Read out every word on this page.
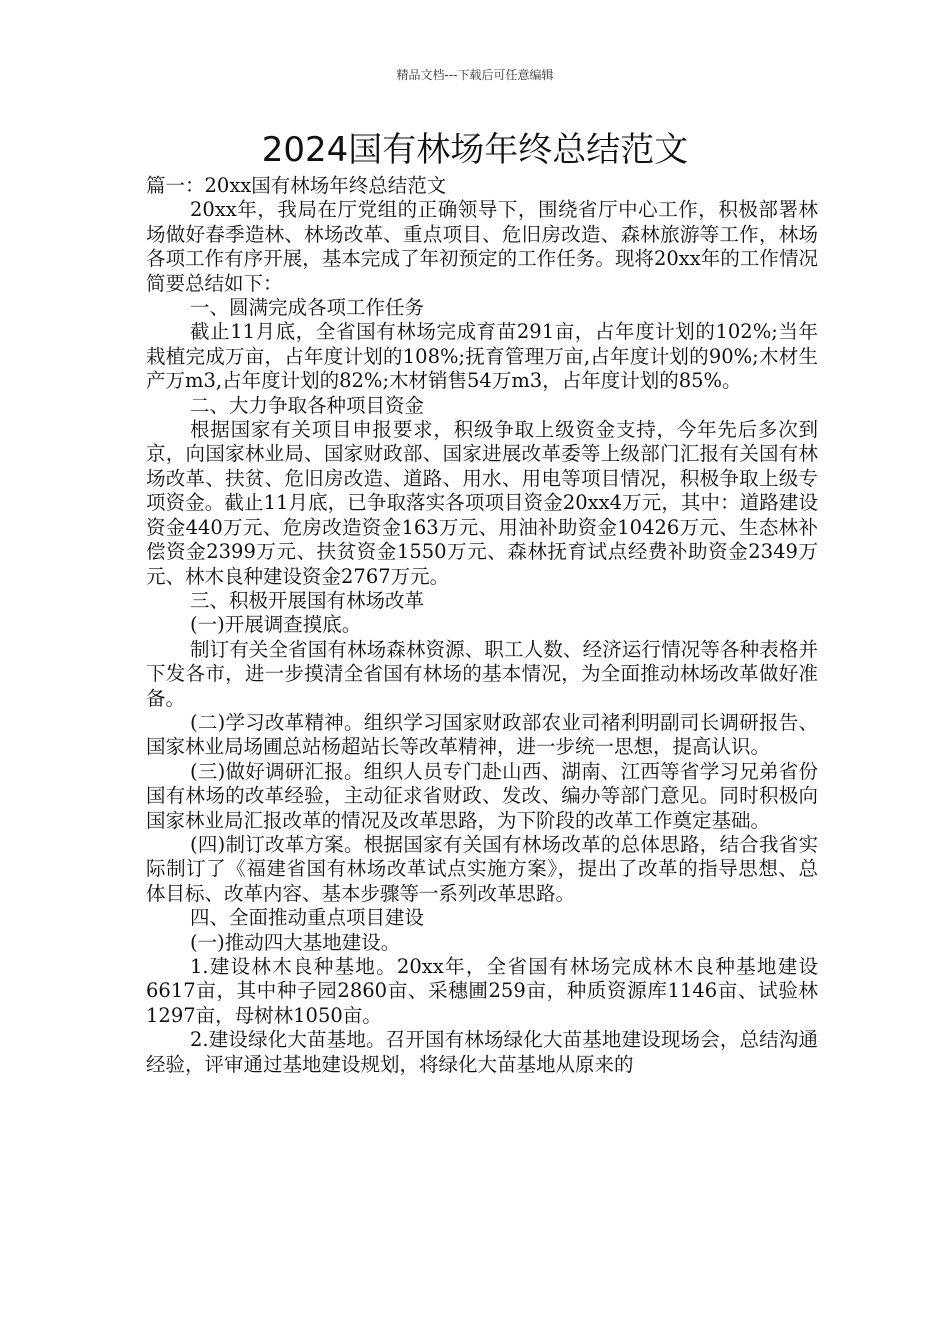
精品文档---下载后可任意编辑
2024国有林场年终总结范文

篇一：20xx国有林场年终总结范文

20xx年，我局在厅党组的正确领导下，围绕省厅中心工作，积极部署林场做好春季造林、林场改革、重点项目、危旧房改造、森林旅游等工作，林场各项工作有序开展，基本完成了年初预定的工作任务。现将20xx年的工作情况简要总结如下：

一、圆满完成各项工作任务

截止11月底，全省国有林场完成育苗291亩，占年度计划的102%;当年栽植完成万亩，占年度计划的108%;抚育管理万亩,占年度计划的90%;木材生产万m3,占年度计划的82%;木材销售54万m3，占年度计划的85%。

二、大力争取各种项目资金

根据国家有关项目申报要求，积级争取上级资金支持，今年先后多次到京，向国家林业局、国家财政部、国家进展改革委等上级部门汇报有关国有林场改革、扶贫、危旧房改造、道路、用水、用电等项目情况，积极争取上级专项资金。截止11月底，已争取落实各项项目资金20xx4万元，其中：道路建设资金440万元、危房改造资金163万元、用油补助资金10426万元、生态林补偿资金2399万元、扶贫资金1550万元、森林抚育试点经费补助资金2349万元、林木良种建设资金2767万元。

三、积极开展国有林场改革

(一)开展调查摸底。

制订有关全省国有林场森林资源、职工人数、经济运行情况等各种表格并下发各市，进一步摸清全省国有林场的基本情况，为全面推动林场改革做好准备。

(二)学习改革精神。组织学习国家财政部农业司褚利明副司长调研报告、国家林业局场圃总站杨超站长等改革精神，进一步统一思想，提高认识。

(三)做好调研汇报。组织人员专门赴山西、湖南、江西等省学习兄弟省份国有林场的改革经验，主动征求省财政、发改、编办等部门意见。同时积极向国家林业局汇报改革的情况及改革思路，为下阶段的改革工作奠定基础。

(四)制订改革方案。根据国家有关国有林场改革的总体思路，结合我省实际制订了《福建省国有林场改革试点实施方案》，提出了改革的指导思想、总体目标、改革内容、基本步骤等一系列改革思路。

四、全面推动重点项目建设

(一)推动四大基地建设。

1.建设林木良种基地。20xx年，全省国有林场完成林木良种基地建设6617亩，其中种子园2860亩、采穗圃259亩，种质资源库1146亩、试验林1297亩，母树林1050亩。

2.建设绿化大苗基地。召开国有林场绿化大苗基地建设现场会，总结沟通经验，评审通过基地建设规划，将绿化大苗基地从原来的
